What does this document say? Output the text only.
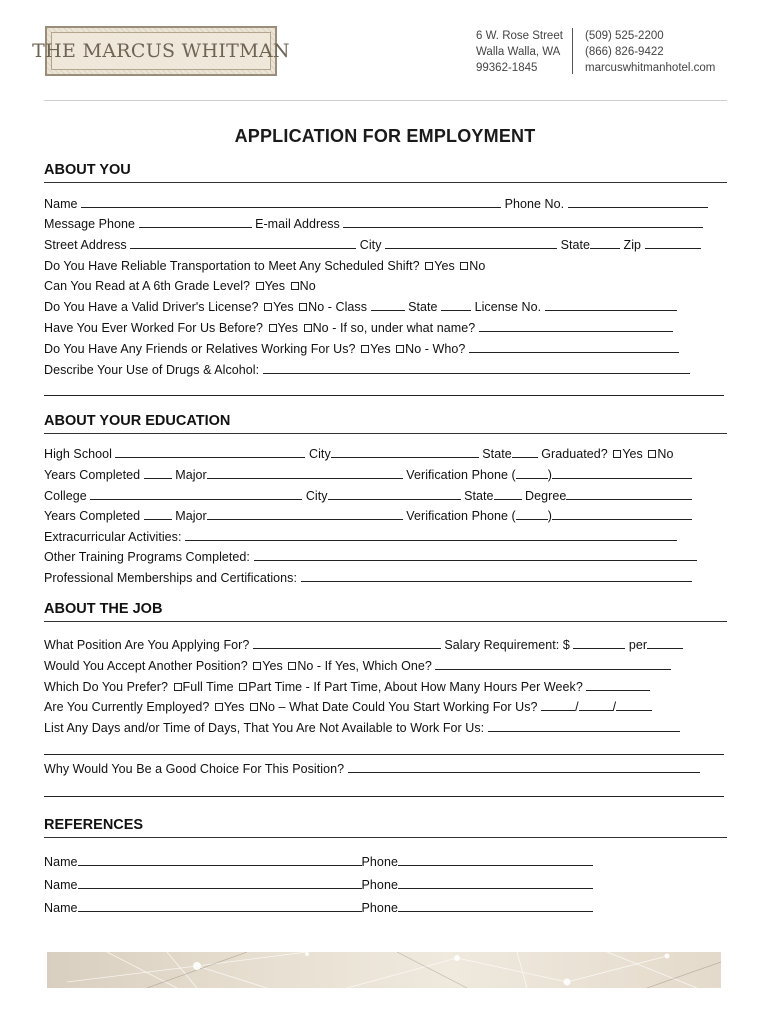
THE MARCUS WHITMAN
6 W. Rose Street
Walla Walla, WA
99362-1845
(509) 525-2200
(866) 826-9422
marcuswhitmanhotel.com
APPLICATION FOR EMPLOYMENT
ABOUT YOU
Name	Phone No.
Message Phone	E-mail Address
Street Address	City	State	Zip
Do You Have Reliable Transportation to Meet Any Scheduled Shift? Yes No
Can You Read at A 6th Grade Level? Yes No
Do You Have a Valid Driver's License? Yes No - Class	State	License No.
Have You Ever Worked For Us Before? Yes No - If so, under what name?
Do You Have Any Friends or Relatives Working For Us? Yes No - Who?
Describe Your Use of Drugs & Alcohol:
ABOUT YOUR EDUCATION
High School	City	State Graduated? Yes No
Years Completed	Major	Verification Phone (	)
College	City	State	Degree
Years Completed	Major	Verification Phone (	)
Extracurricular Activities:
Other Training Programs Completed:
Professional Memberships and Certifications:
ABOUT THE JOB
What Position Are You Applying For?	Salary Requirement: $	per
Would You Accept Another Position? Yes No - If Yes, Which One?
Which Do You Prefer? Full Time Part Time - If Part Time, About How Many Hours Per Week?
Are You Currently Employed? Yes No – What Date Could You Start Working For Us?	/	/
List Any Days and/or Time of Days, That You Are Not Available to Work For Us:
Why Would You Be a Good Choice For This Position?
REFERENCES
Name	Phone
Name	Phone
Name	Phone
